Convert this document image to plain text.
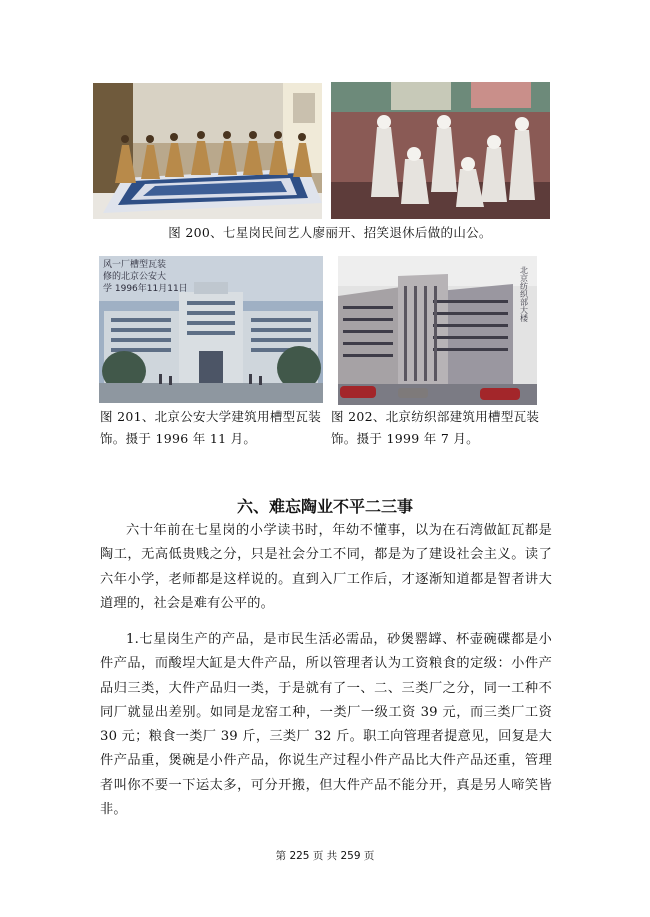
图 200、七星岗民间艺人廖丽开、招笑退休后做的山公。
风一厂槽型瓦装
修的北京公安大
学 1996年11月11日	北京纺织部大楼
图 201、北京公安大学建筑用槽型瓦装饰。摄于 1996 年 11 月。
图 202、北京纺织部建筑用槽型瓦装饰。摄于 1999 年 7 月。
六、难忘陶业不平二三事
六十年前在七星岗的小学读书时，年幼不懂事，以为在石湾做缸瓦都是陶工，无高低贵贱之分，只是社会分工不同，都是为了建设社会主义。读了六年小学，老师都是这样说的。直到入厂工作后，才逐渐知道都是智者讲大道理的，社会是难有公平的。
1.七星岗生产的产品，是市民生活必需品，砂煲罂罉、杯壶碗碟都是小件产品，而酸埕大缸是大件产品，所以管理者认为工资粮食的定级：小件产品归三类，大件产品归一类，于是就有了一、二、三类厂之分，同一工种不同厂就显出差别。如同是龙窑工种，一类厂一级工资 39 元，而三类厂工资 30 元；粮食一类厂 39 斤，三类厂 32 斤。职工向管理者提意见，回复是大件产品重，煲碗是小件产品，你说生产过程小件产品比大件产品还重，管理者叫你不要一下运太多，可分开搬，但大件产品不能分开，真是另人啼笑皆非。
第 225 页 共 259 页
